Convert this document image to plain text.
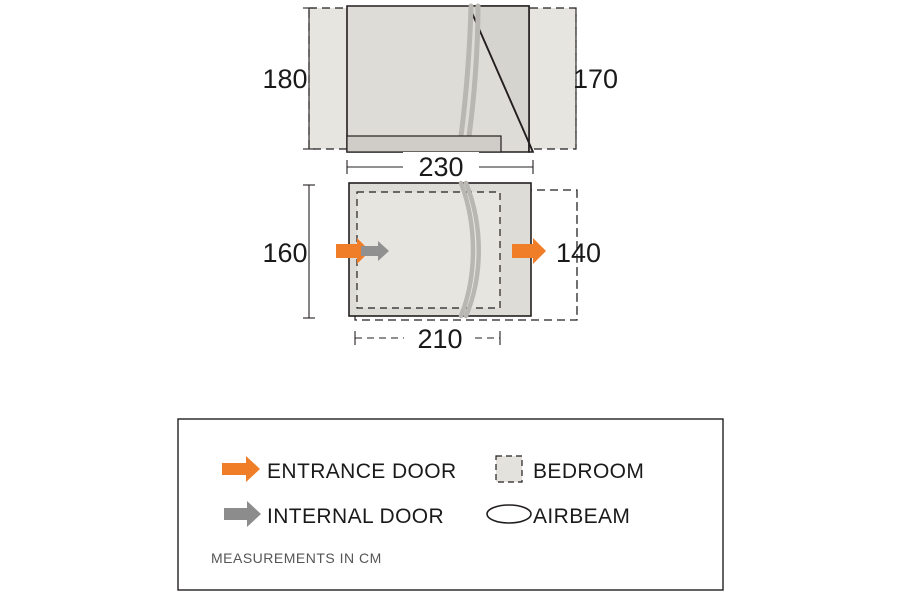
180	170
230
160	140
210
ENTRANCE DOOR
INTERNAL DOOR
BEDROOM
AIRBEAM
MEASUREMENTS IN CM
